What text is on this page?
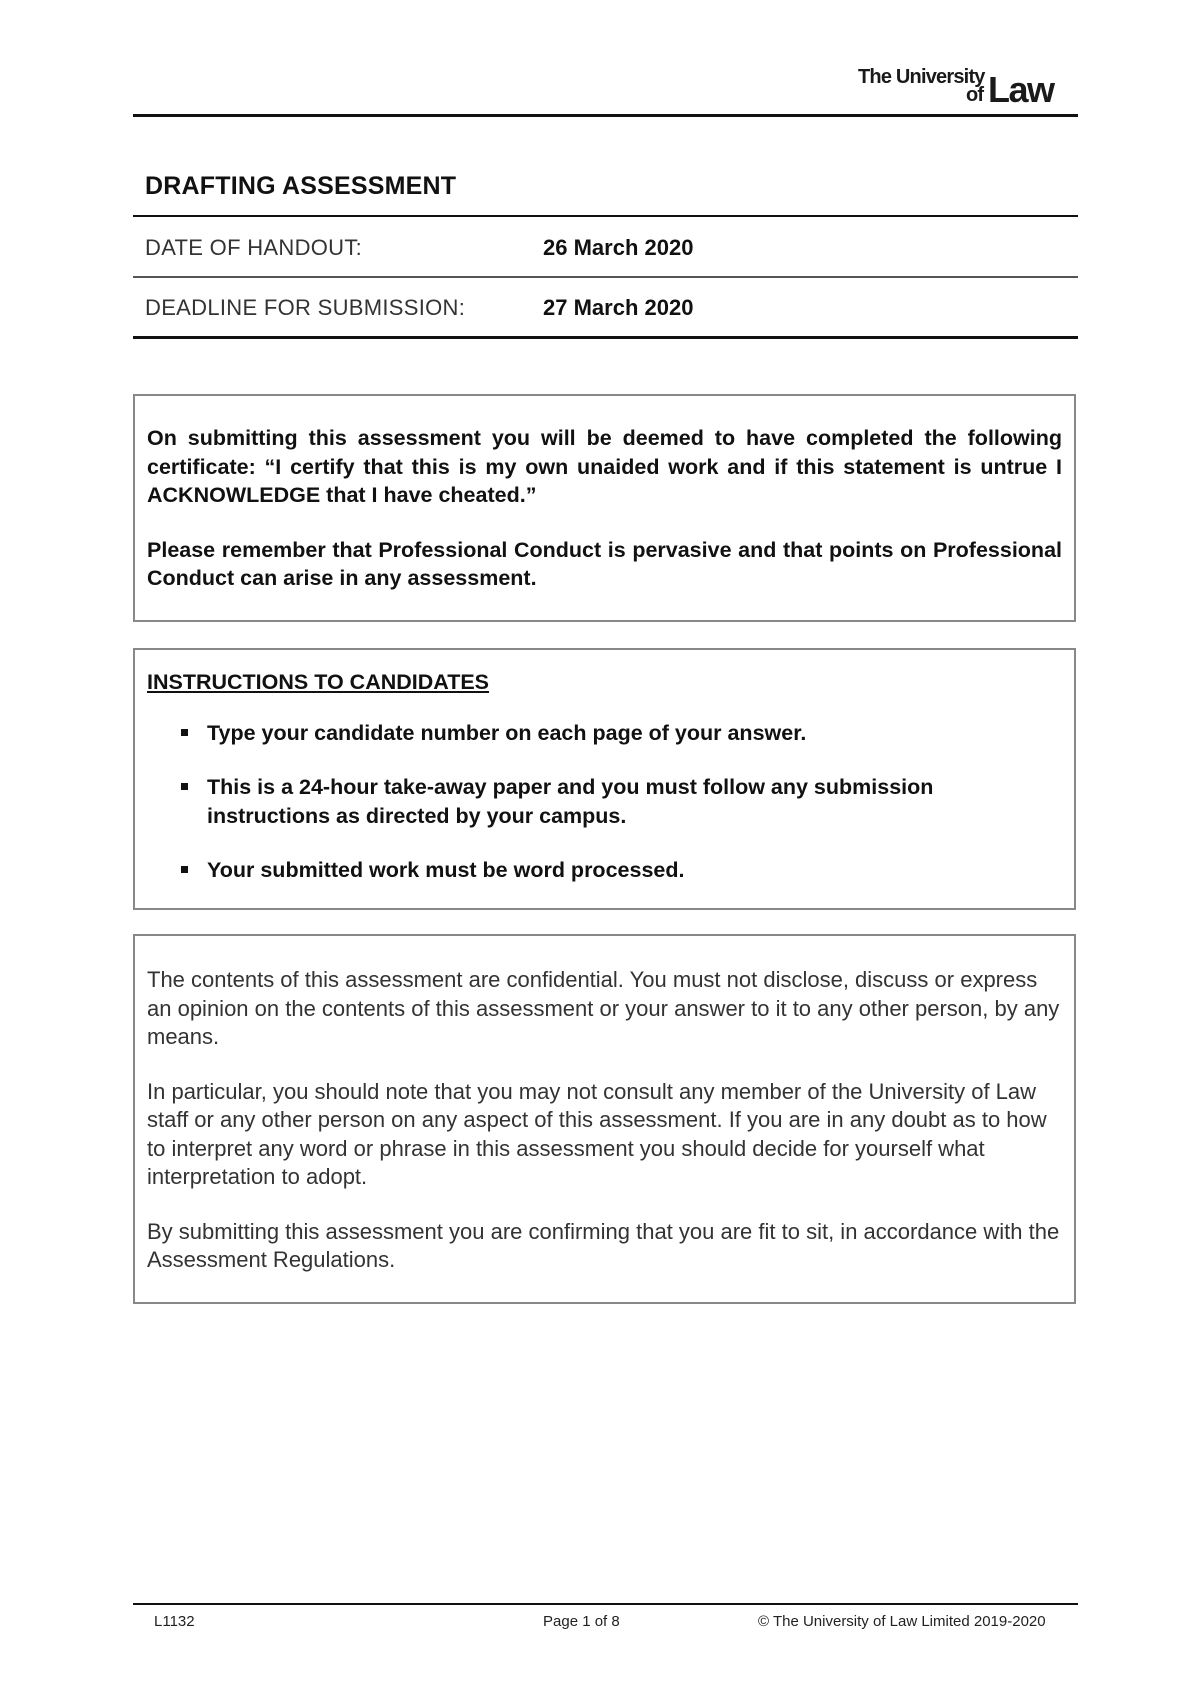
The University
of Law
DRAFTING ASSESSMENT
DATE OF HANDOUT:	26 March 2020
DEADLINE FOR SUBMISSION:	27 March 2020

On submitting this assessment you will be deemed to have completed the following certificate: “I certify that this is my own unaided work and if this statement is untrue I ACKNOWLEDGE that I have cheated.”

Please remember that Professional Conduct is pervasive and that points on Professional Conduct can arise in any assessment.

INSTRUCTIONS TO CANDIDATES

Type your candidate number on each page of your answer.
This is a 24-hour take-away paper and you must follow any submission instructions as directed by your campus.
Your submitted work must be word processed.

The contents of this assessment are confidential. You must not disclose, discuss or express an opinion on the contents of this assessment or your answer to it to any other person, by any means.

In particular, you should note that you may not consult any member of the University of Law staff or any other person on any aspect of this assessment. If you are in any doubt as to how to interpret any word or phrase in this assessment you should decide for yourself what interpretation to adopt.

By submitting this assessment you are confirming that you are fit to sit, in accordance with the Assessment Regulations.

L1132	Page 1 of 8	© The University of Law Limited 2019-2020
